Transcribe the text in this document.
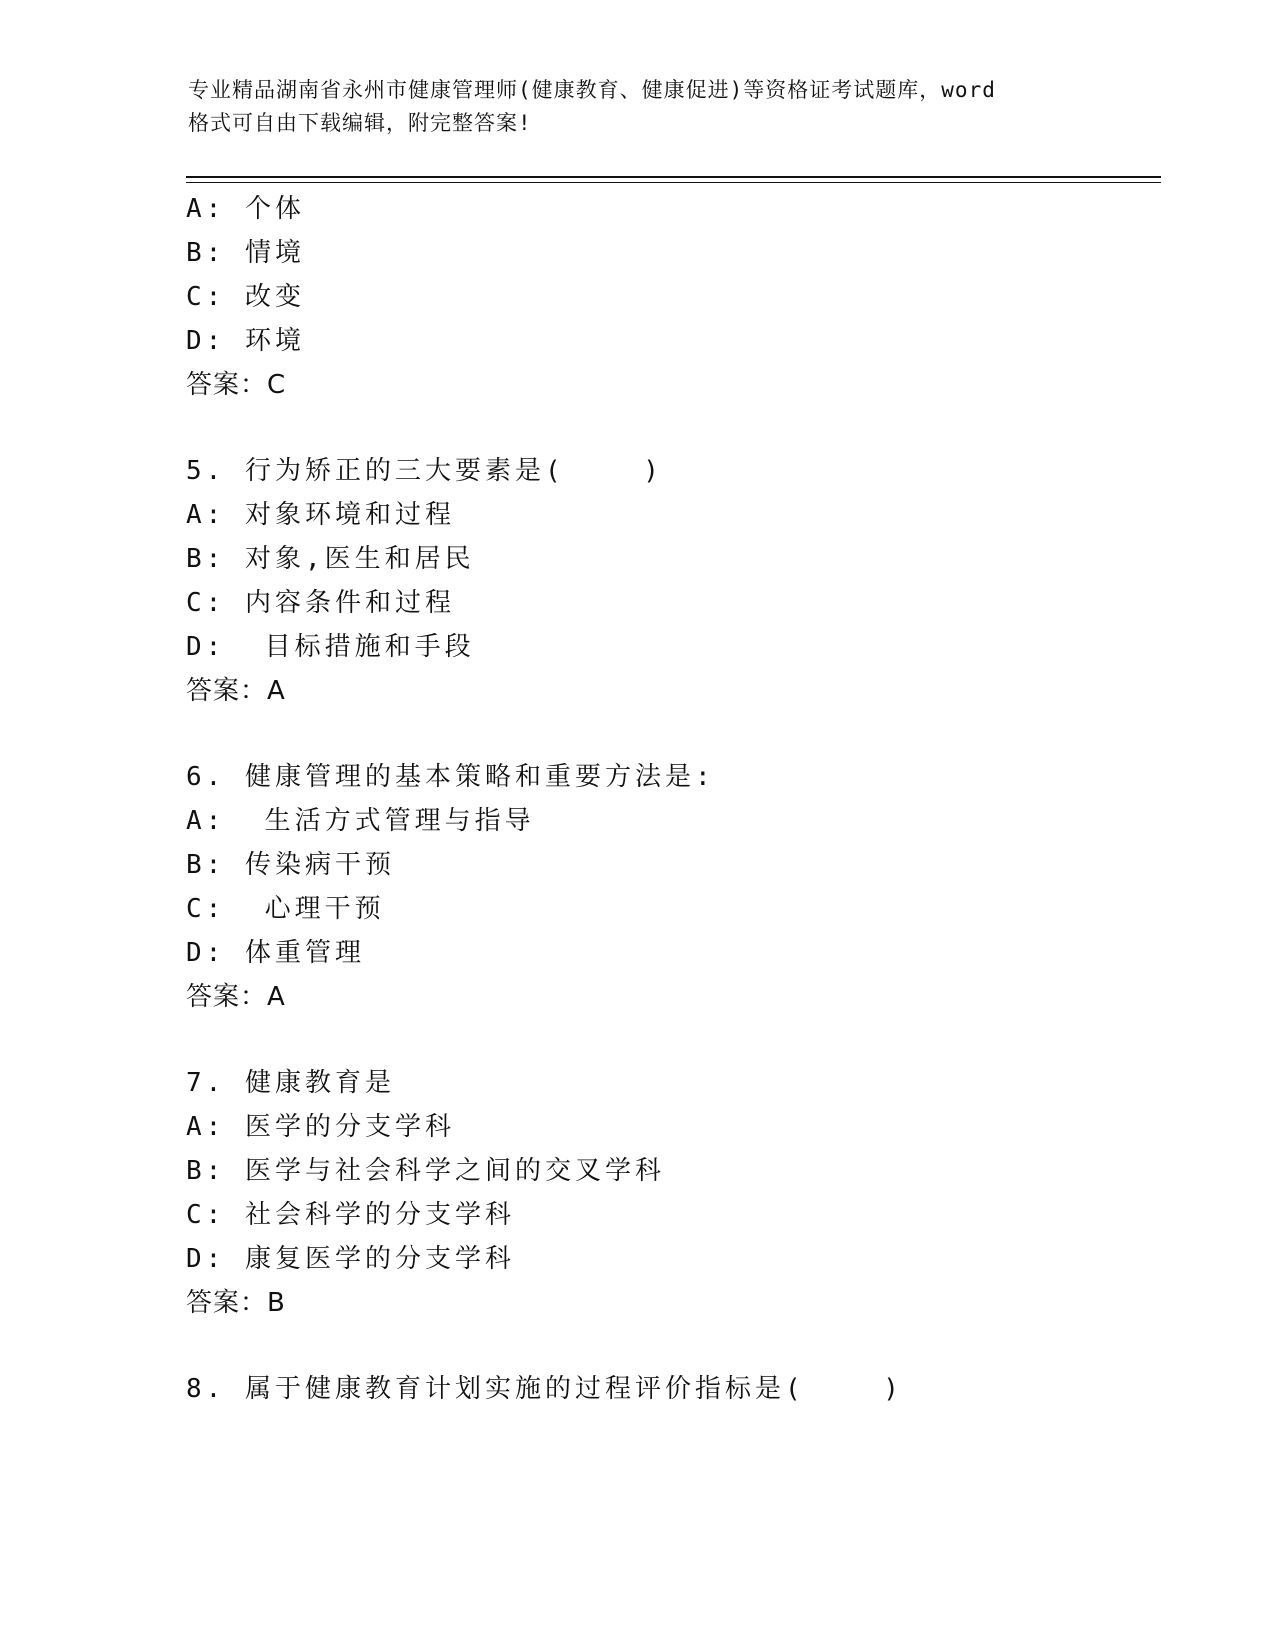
专业精品湖南省永州市健康管理师(健康教育、健康促进)等资格证考试题库，word
格式可自由下载编辑，附完整答案!
A: 个体
B: 情境
C: 改变
D: 环境
答案：C
5. 行为矫正的三大要素是(    )
A: 对象环境和过程
B: 对象,医生和居民
C: 内容条件和过程
D:  目标措施和手段
答案：A
6. 健康管理的基本策略和重要方法是:
A:  生活方式管理与指导
B: 传染病干预
C:  心理干预
D: 体重管理
答案：A
7. 健康教育是
A: 医学的分支学科
B: 医学与社会科学之间的交叉学科
C: 社会科学的分支学科
D: 康复医学的分支学科
答案：B
8. 属于健康教育计划实施的过程评价指标是(    )
